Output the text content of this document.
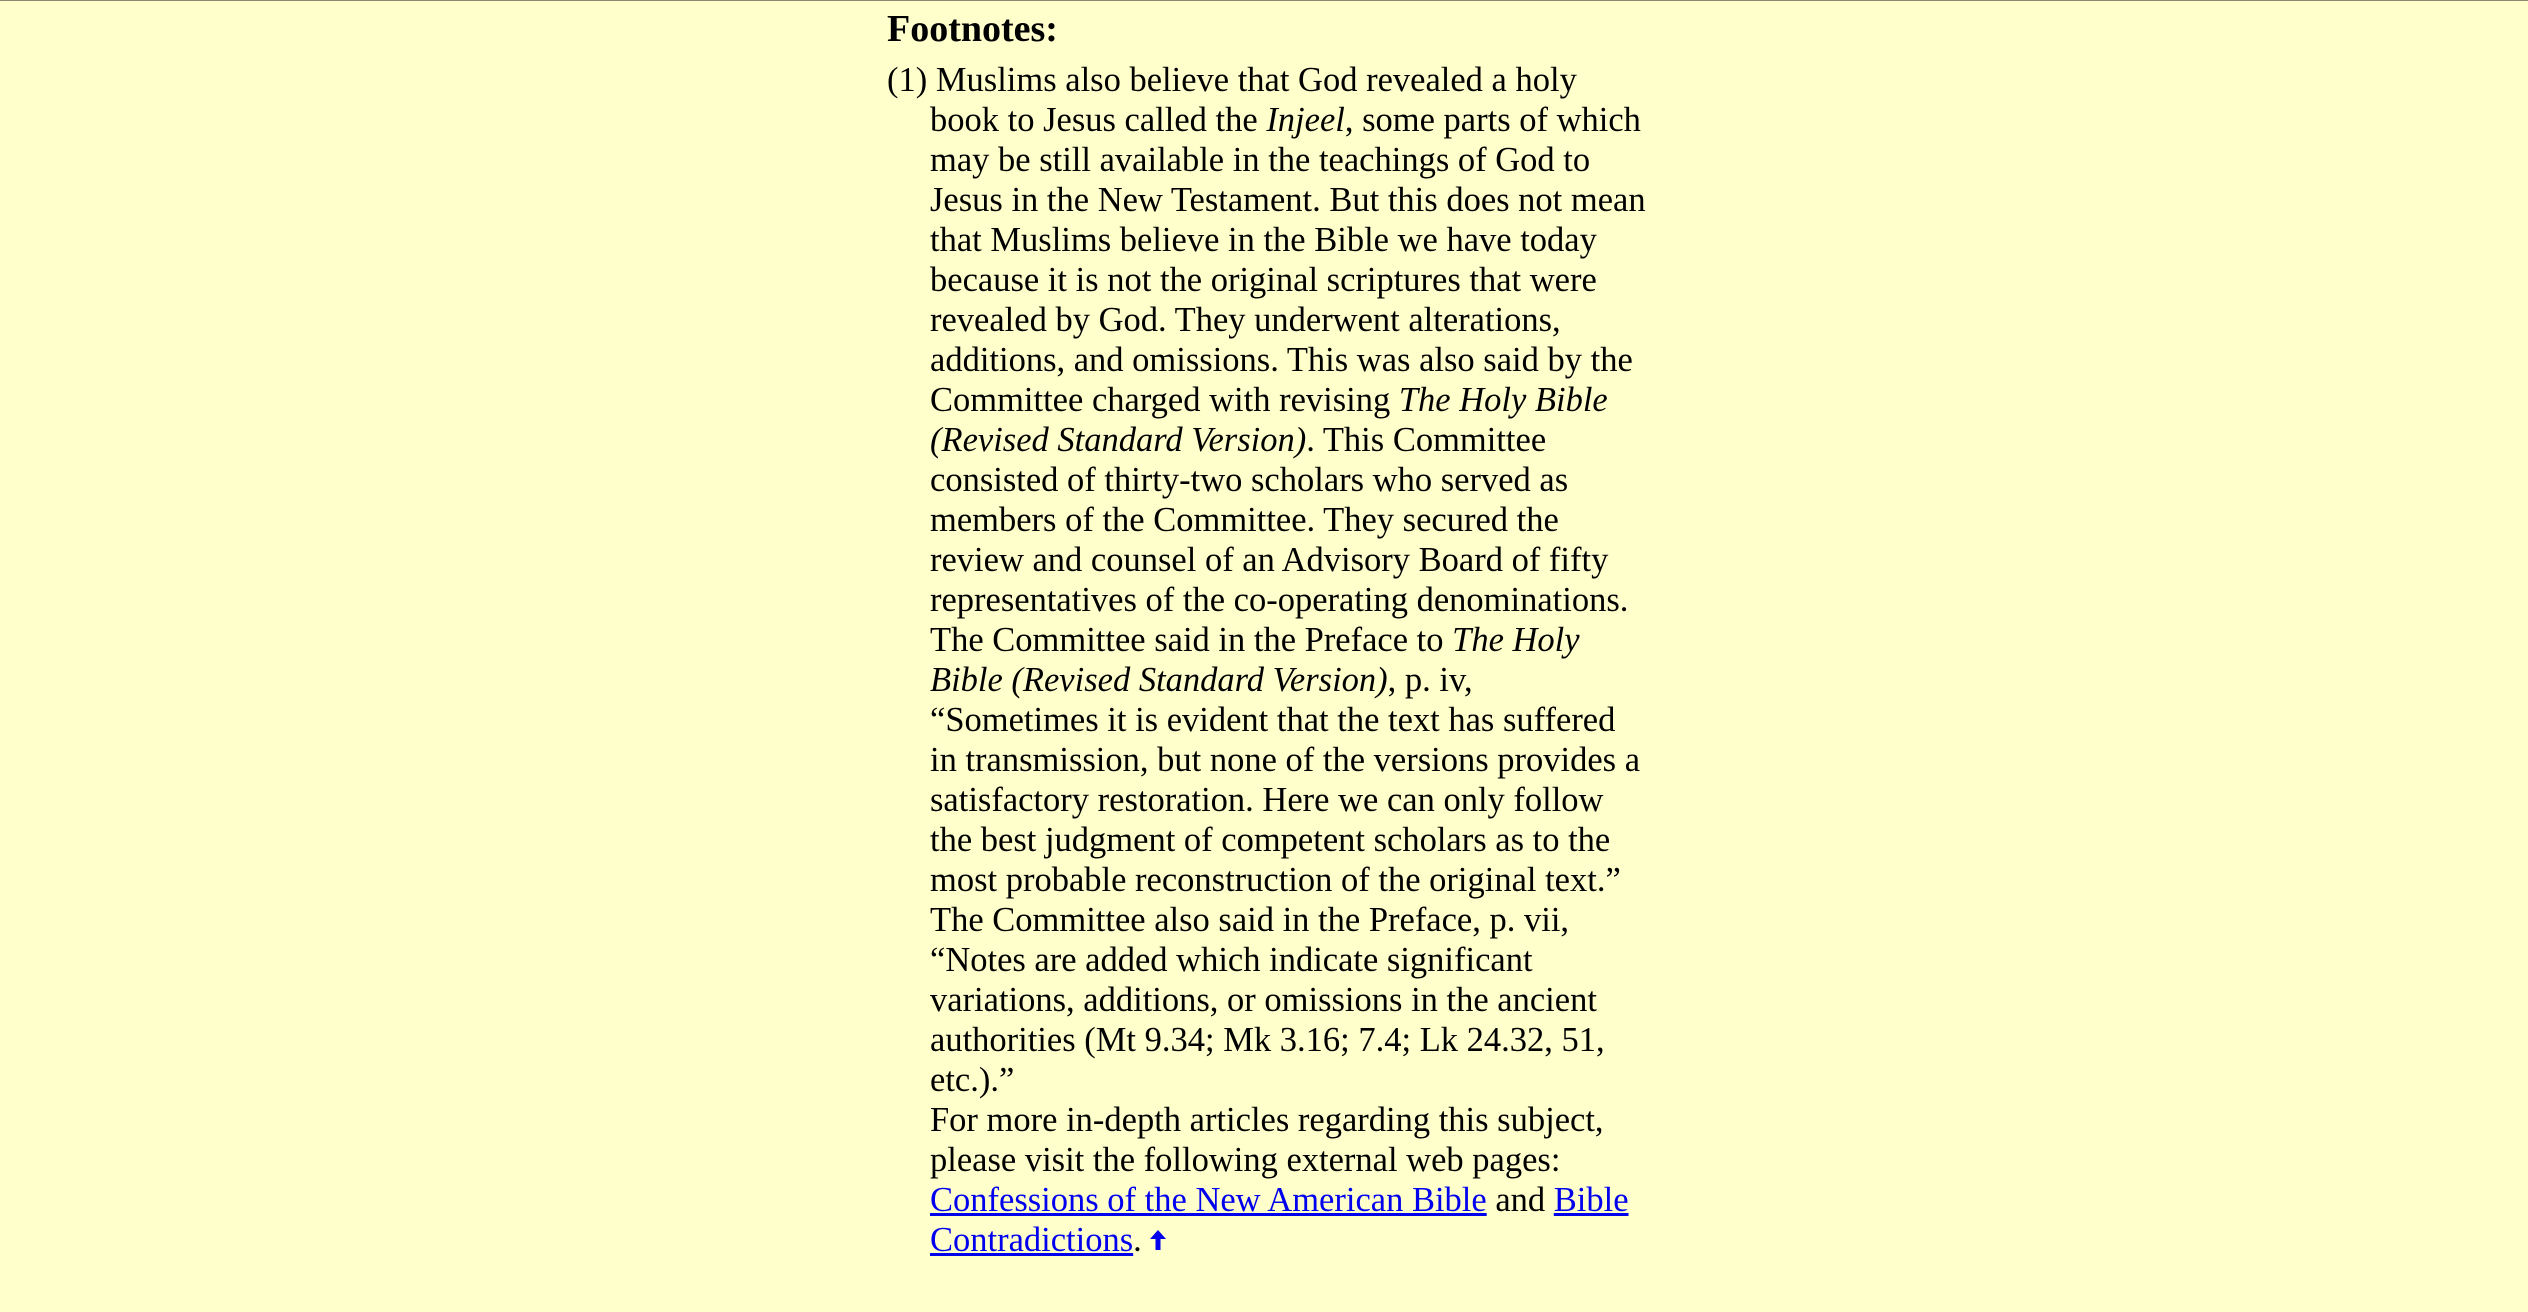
Footnotes:

(1) Muslims also believe that God revealed a holy book to Jesus called the Injeel, some parts of which may be still available in the teachings of God to Jesus in the New Testament. But this does not mean that Muslims believe in the Bible we have today because it is not the original scriptures that were revealed by God. They underwent alterations, additions, and omissions. This was also said by the Committee charged with revising The Holy Bible (Revised Standard Version). This Committee consisted of thirty-two scholars who served as members of the Committee. They secured the review and counsel of an Advisory Board of fifty representatives of the co-operating denominations. The Committee said in the Preface to The Holy Bible (Revised Standard Version), p. iv, “Sometimes it is evident that the text has suffered in transmission, but none of the versions provides a satisfactory restoration. Here we can only follow the best judgment of competent scholars as to the most probable reconstruction of the original text.” The Committee also said in the Preface, p. vii, “Notes are added which indicate significant variations, additions, or omissions in the ancient authorities (Mt 9.34; Mk 3.16; 7.4; Lk 24.32, 51, etc.).”
For more in-depth articles regarding this subject, please visit the following external web pages: Confessions of the New American Bible and Bible Contradictions.
